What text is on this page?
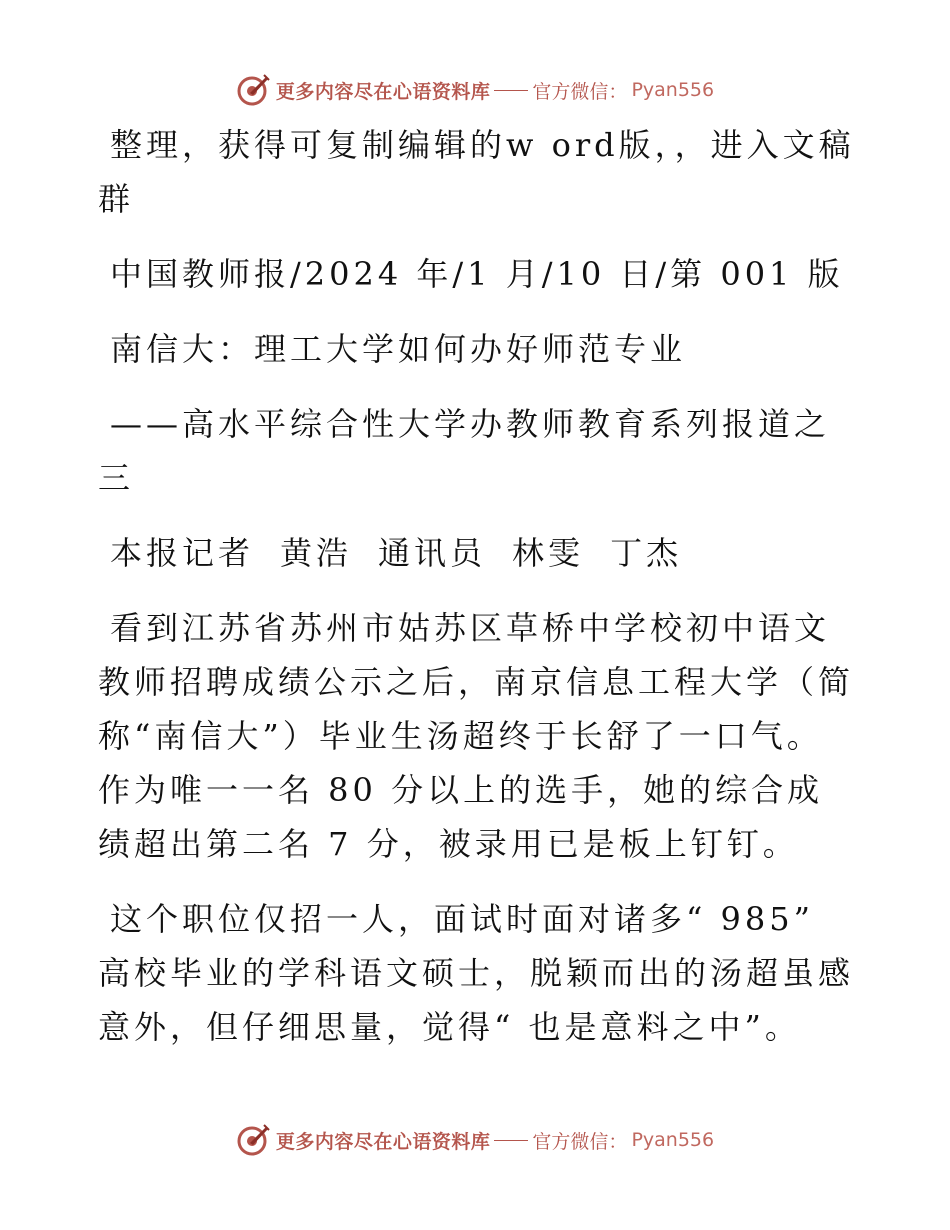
更多内容尽在心语资料库 官方微信： Pyan556

整理，获得可复制编辑的w ord版，，进入文稿群

中国教师报/2024 年/1 月/10 日/第 001 版

南信大：理工大学如何办好师范专业

——高水平综合性大学办教师教育系列报道之三

本报记者 黄浩 通讯员 林雯 丁杰

看到江苏省苏州市姑苏区草桥中学校初中语文教师招聘成绩公示之后，南京信息工程大学（简称“南信大”）毕业生汤超终于长舒了一口气。作为唯一一名 80 分以上的选手，她的综合成绩超出第二名 7 分，被录用已是板上钉钉。

这个职位仅招一人，面试时面对诸多“ 985” 高校毕业的学科语文硕士，脱颖而出的汤超虽感意外，但仔细思量，觉得“ 也是意料之中”。

更多内容尽在心语资料库 官方微信： Pyan556
